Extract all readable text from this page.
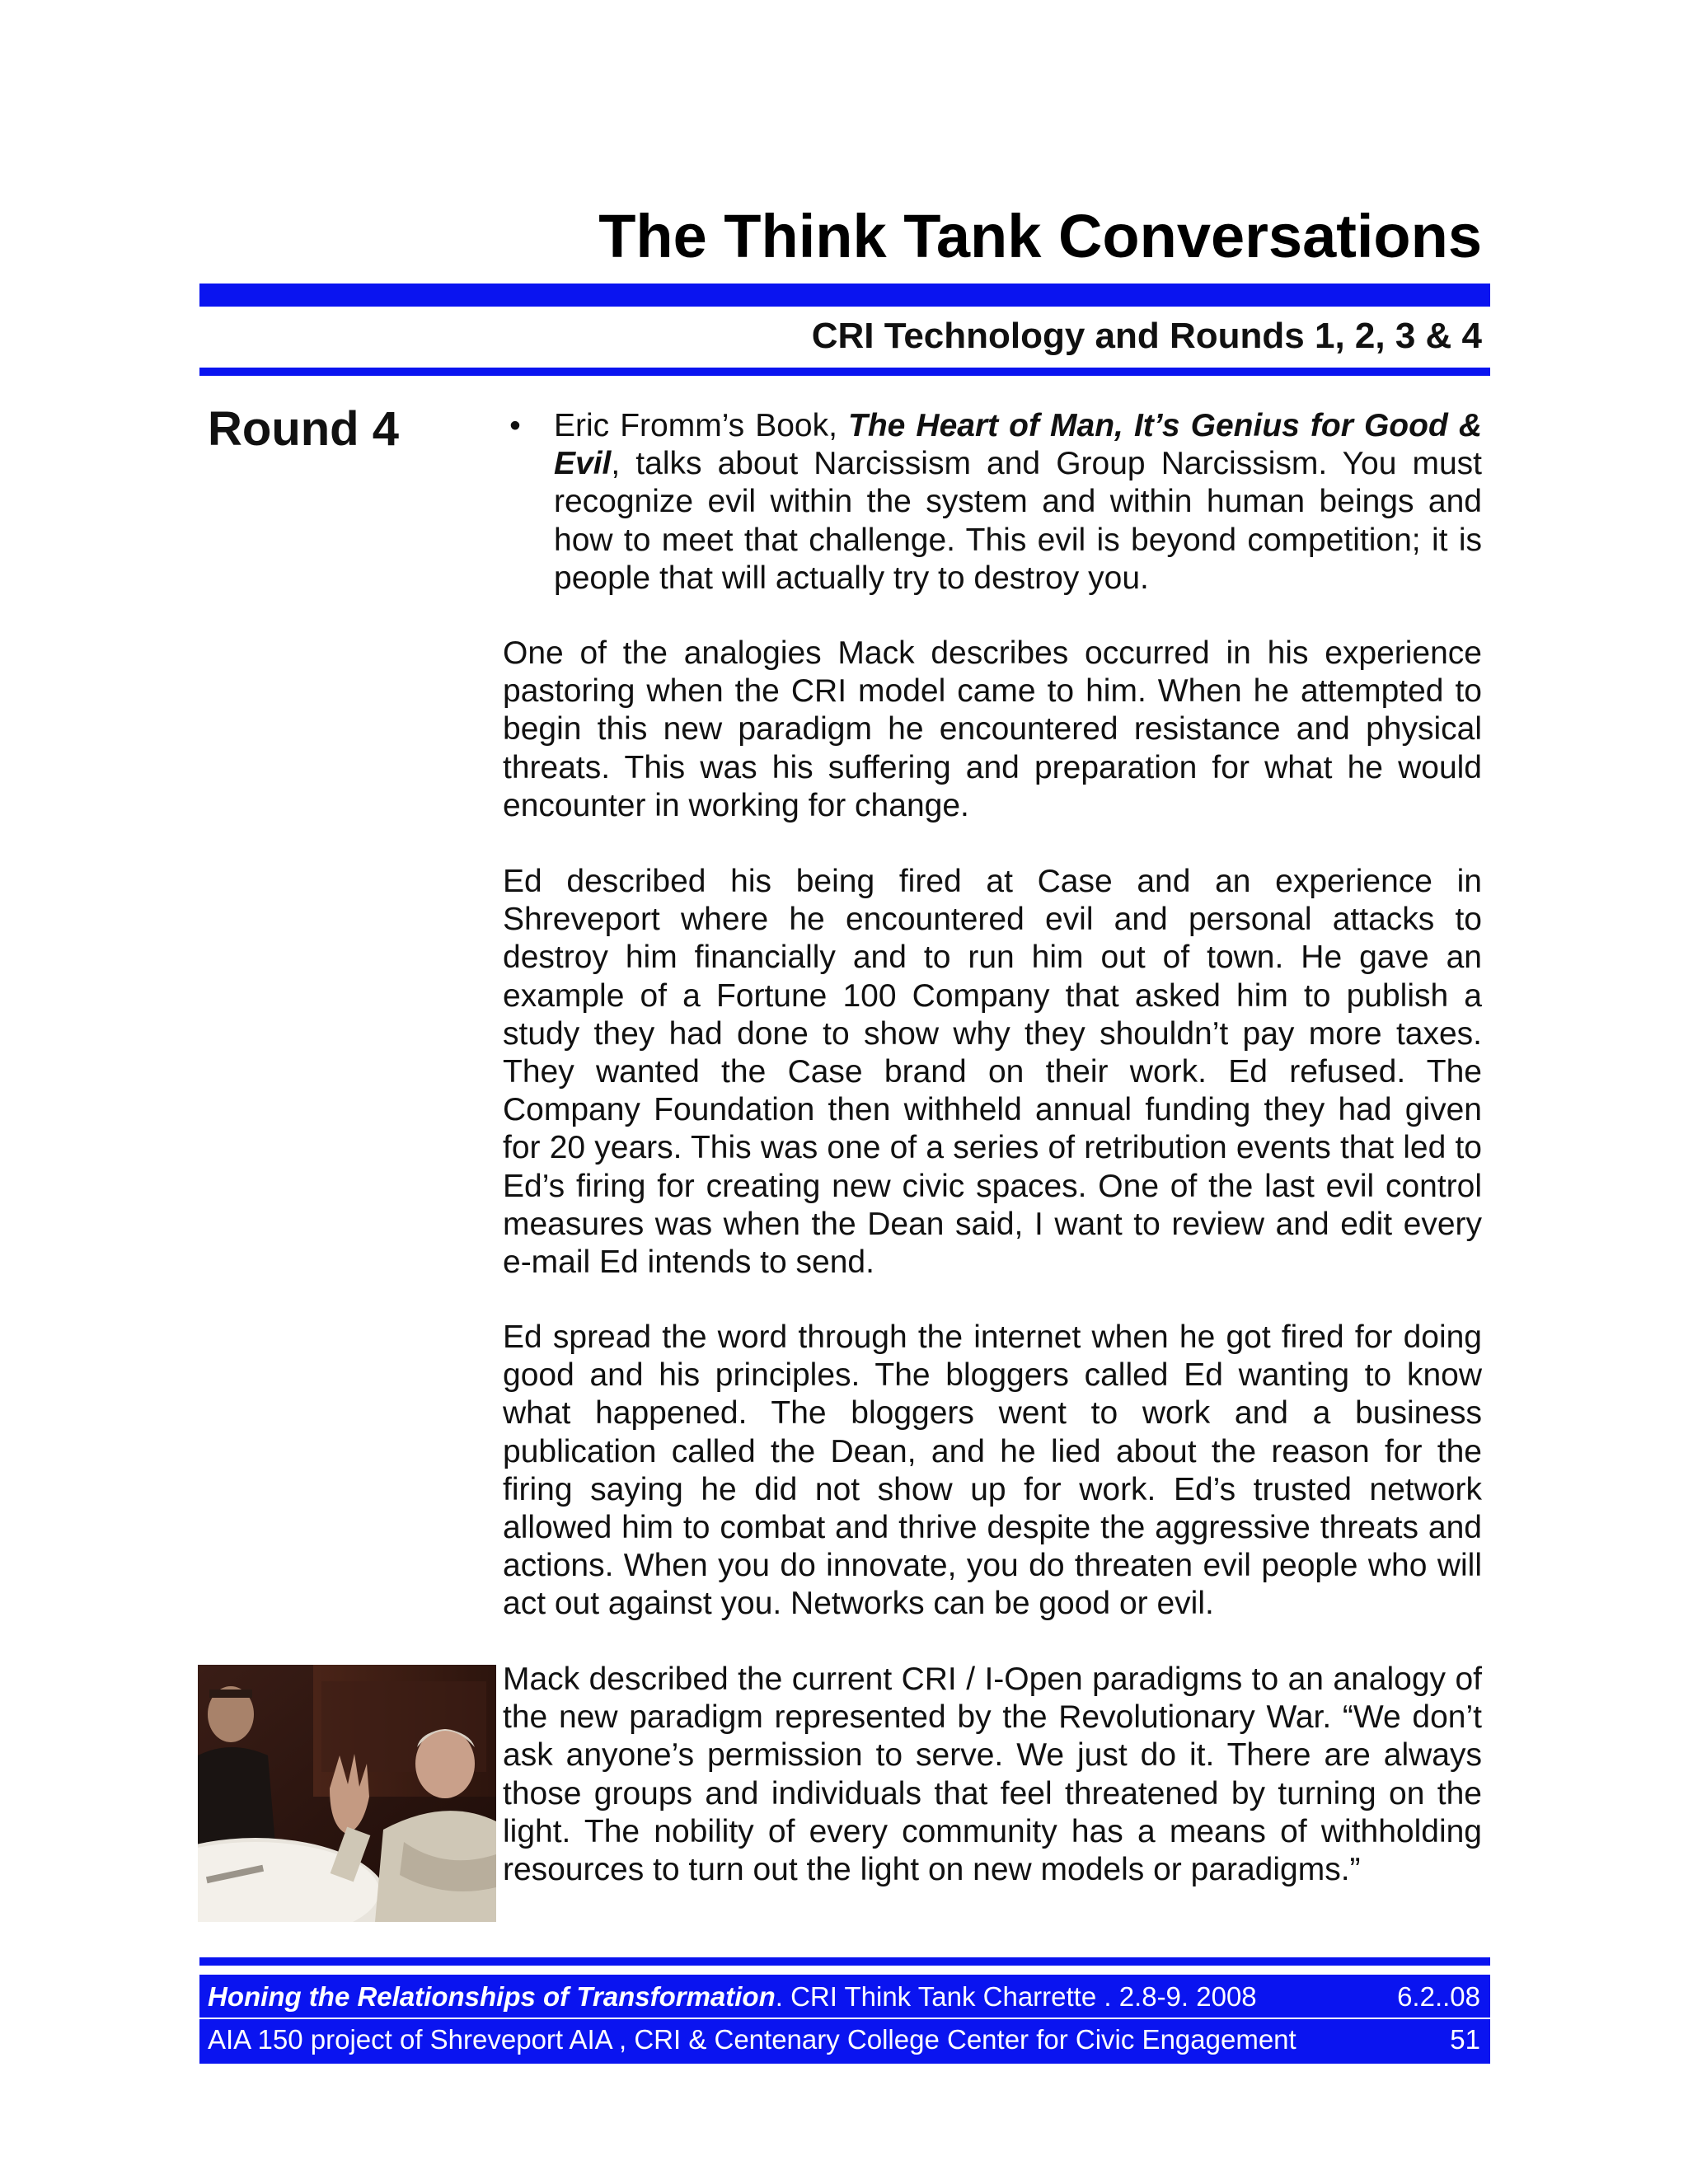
The Think Tank Conversations
CRI Technology and Rounds 1, 2, 3 & 4
Round 4	• Eric Fromm’s Book, The Heart of Man, It’s Genius for Good & Evil, talks about Narcissism and Group Narcissism. You must recognize evil within the system and within human beings and how to meet that challenge. This evil is beyond competition; it is people that will actually try to destroy you.
One of the analogies Mack describes occurred in his experience pastoring when the CRI model came to him. When he attempted to begin this new paradigm he encountered resistance and physical threats. This was his suffering and preparation for what he would encounter in working for change.
Ed described his being fired at Case and an experience in Shreveport where he encountered evil and personal attacks to destroy him financially and to run him out of town. He gave an example of a Fortune 100 Company that asked him to publish a study they had done to show why they shouldn’t pay more taxes. They wanted the Case brand on their work. Ed refused. The Company Foundation then withheld annual funding they had given for 20 years. This was one of a series of retribution events that led to Ed’s firing for creating new civic spaces. One of the last evil control measures was when the Dean said, I want to review and edit every e-mail Ed intends to send.
Ed spread the word through the internet when he got fired for doing good and his principles. The bloggers called Ed wanting to know what happened. The bloggers went to work and a business publication called the Dean, and he lied about the reason for the firing saying he did not show up for work. Ed’s trusted network allowed him to combat and thrive despite the aggressive threats and actions. When you do innovate, you do threaten evil people who will act out against you. Networks can be good or evil.
Mack described the current CRI / I-Open paradigms to an analogy of the new paradigm represented by the Revolutionary War. “We don’t ask anyone’s permission to serve. We just do it. There are always those groups and individuals that feel threatened by turning on the light. The nobility of every community has a means of withholding resources to turn out the light on new models or paradigms.”
Honing the Relationships of Transformation. CRI Think Tank Charrette . 2.8-9. 2008	6.2..08
AIA 150 project of Shreveport AIA , CRI & Centenary College Center for Civic Engagement	51
